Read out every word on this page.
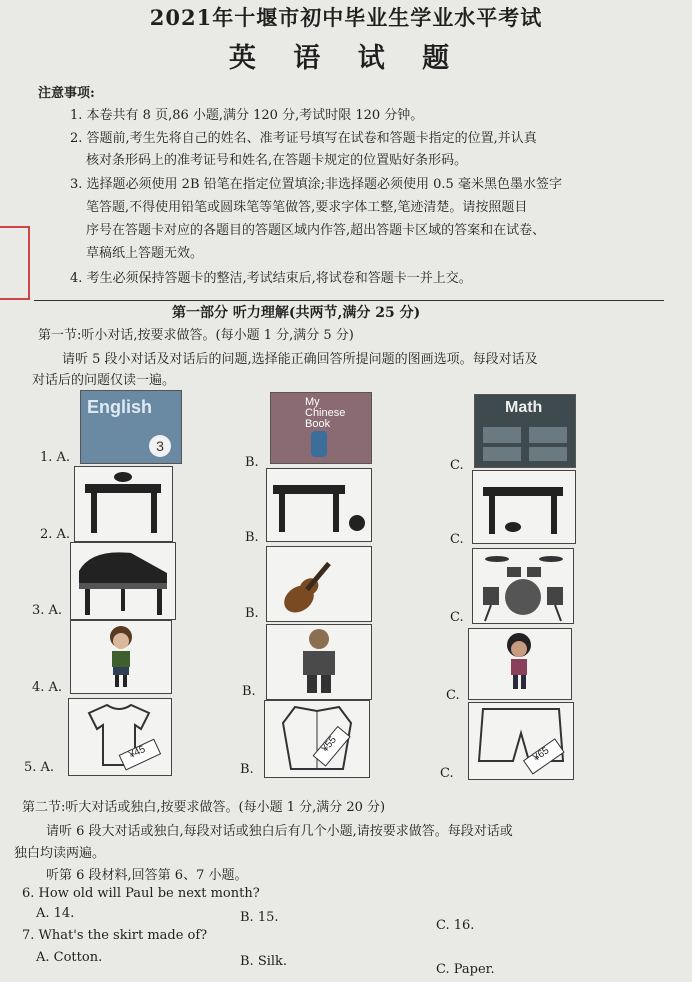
2021年十堰市初中毕业生学业水平考试
英 语 试 题
注意事项:
1. 本卷共有 8 页,86 小题,满分 120 分,考试时限 120 分钟。
2. 答题前,考生先将自己的姓名、准考证号填写在试卷和答题卡指定的位置,并认真
核对条形码上的准考证号和姓名,在答题卡规定的位置贴好条形码。
3. 选择题必须使用 2B 铅笔在指定位置填涂;非选择题必须使用 0.5 毫米黑色墨水签字
笔答题,不得使用铅笔或圆珠笔等笔做答,要求字体工整,笔迹清楚。请按照题目
序号在答题卡对应的各题目的答题区域内作答,超出答题卡区域的答案和在试卷、
草稿纸上答题无效。
4. 考生必须保持答题卡的整洁,考试结束后,将试卷和答题卡一并上交。
第一部分 听力理解(共两节,满分 25 分)
第一节:听小对话,按要求做答。(每小题 1 分,满分 5 分)
请听 5 段小对话及对话后的问题,选择能正确回答所提问题的图画选项。每段对话及
对话后的问题仅读一遍。
1. A.	B.	C.
English
3
My
Chinese
Book
Math
2. A.	B.	C.
3. A.	B.	C.
4. A.	B.	C.
5. A.	B.	C.
¥45	¥55
¥65
第二节:听大对话或独白,按要求做答。(每小题 1 分,满分 20 分)
请听 6 段大对话或独白,每段对话或独白后有几个小题,请按要求做答。每段对话或
独白均读两遍。
听第 6 段材料,回答第 6、7 小题。
6. How old will Paul be next month?
A. 14.	B. 15.
C. 16.
7. What's the skirt made of?
A. Cotton.	B. Silk.
C. Paper.
